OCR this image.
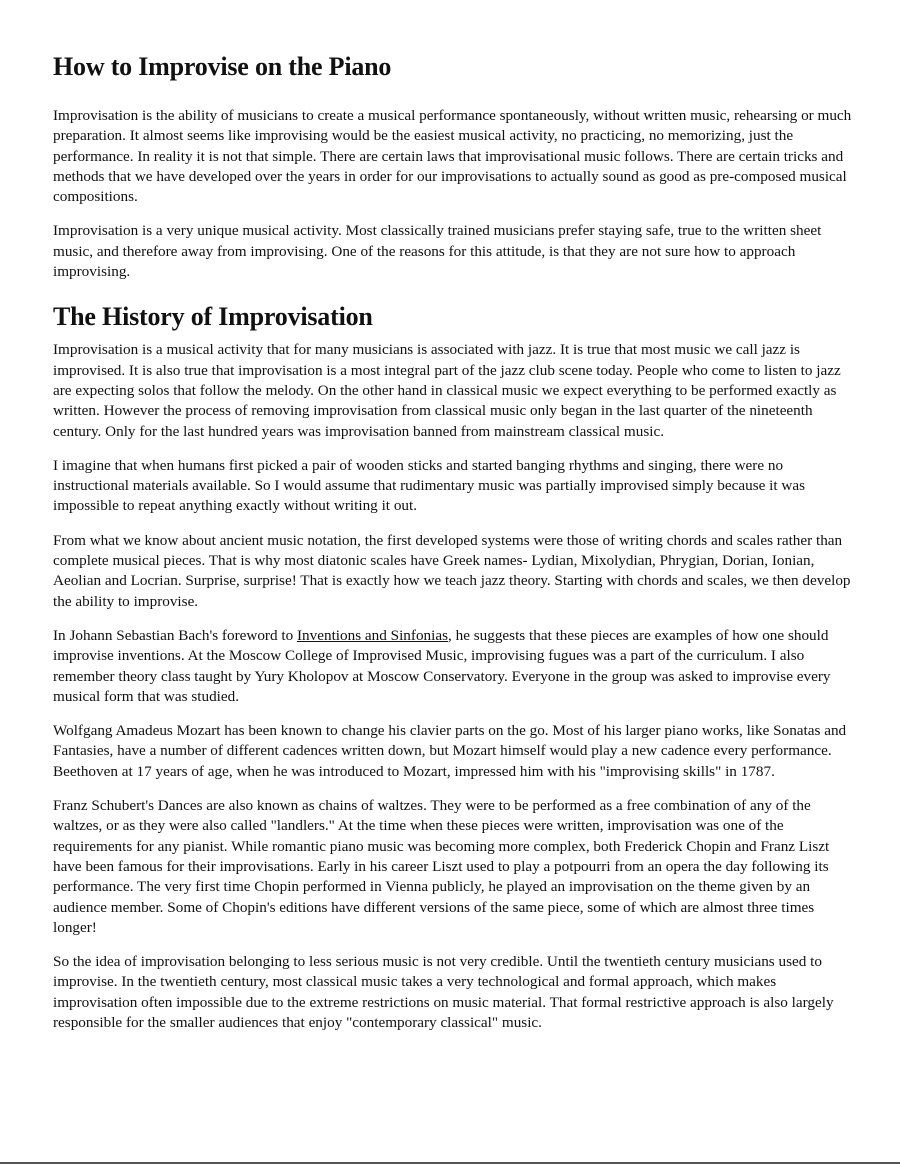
How to Improvise on the Piano

Improvisation is the ability of musicians to create a musical performance spontaneously, without written music, rehearsing or much preparation. It almost seems like improvising would be the easiest musical activity, no practicing, no memorizing, just the performance. In reality it is not that simple. There are certain laws that improvisational music follows. There are certain tricks and methods that we have developed over the years in order for our improvisations to actually sound as good as pre-composed musical compositions.

Improvisation is a very unique musical activity. Most classically trained musicians prefer staying safe, true to the written sheet music, and therefore away from improvising. One of the reasons for this attitude, is that they are not sure how to approach improvising.

The History of Improvisation

Improvisation is a musical activity that for many musicians is associated with jazz. It is true that most music we call jazz is improvised. It is also true that improvisation is a most integral part of the jazz club scene today. People who come to listen to jazz are expecting solos that follow the melody. On the other hand in classical music we expect everything to be performed exactly as written. However the process of removing improvisation from classical music only began in the last quarter of the nineteenth century. Only for the last hundred years was improvisation banned from mainstream classical music.

I imagine that when humans first picked a pair of wooden sticks and started banging rhythms and singing, there were no instructional materials available. So I would assume that rudimentary music was partially improvised simply because it was impossible to repeat anything exactly without writing it out.

From what we know about ancient music notation, the first developed systems were those of writing chords and scales rather than complete musical pieces. That is why most diatonic scales have Greek names- Lydian, Mixolydian, Phrygian, Dorian, Ionian, Aeolian and Locrian. Surprise, surprise! That is exactly how we teach jazz theory. Starting with chords and scales, we then develop the ability to improvise.

In Johann Sebastian Bach's foreword to Inventions and Sinfonias, he suggests that these pieces are examples of how one should improvise inventions. At the Moscow College of Improvised Music, improvising fugues was a part of the curriculum. I also remember theory class taught by Yury Kholopov at Moscow Conservatory. Everyone in the group was asked to improvise every musical form that was studied.

Wolfgang Amadeus Mozart has been known to change his clavier parts on the go. Most of his larger piano works, like Sonatas and Fantasies, have a number of different cadences written down, but Mozart himself would play a new cadence every performance. Beethoven at 17 years of age, when he was introduced to Mozart, impressed him with his "improvising skills" in 1787.

Franz Schubert's Dances are also known as chains of waltzes. They were to be performed as a free combination of any of the waltzes, or as they were also called "landlers." At the time when these pieces were written, improvisation was one of the requirements for any pianist. While romantic piano music was becoming more complex, both Frederick Chopin and Franz Liszt have been famous for their improvisations. Early in his career Liszt used to play a potpourri from an opera the day following its performance. The very first time Chopin performed in Vienna publicly, he played an improvisation on the theme given by an audience member. Some of Chopin's editions have different versions of the same piece, some of which are almost three times longer!

So the idea of improvisation belonging to less serious music is not very credible. Until the twentieth century musicians used to improvise. In the twentieth century, most classical music takes a very technological and formal approach, which makes improvisation often impossible due to the extreme restrictions on music material. That formal restrictive approach is also largely responsible for the smaller audiences that enjoy "contemporary classical" music.
